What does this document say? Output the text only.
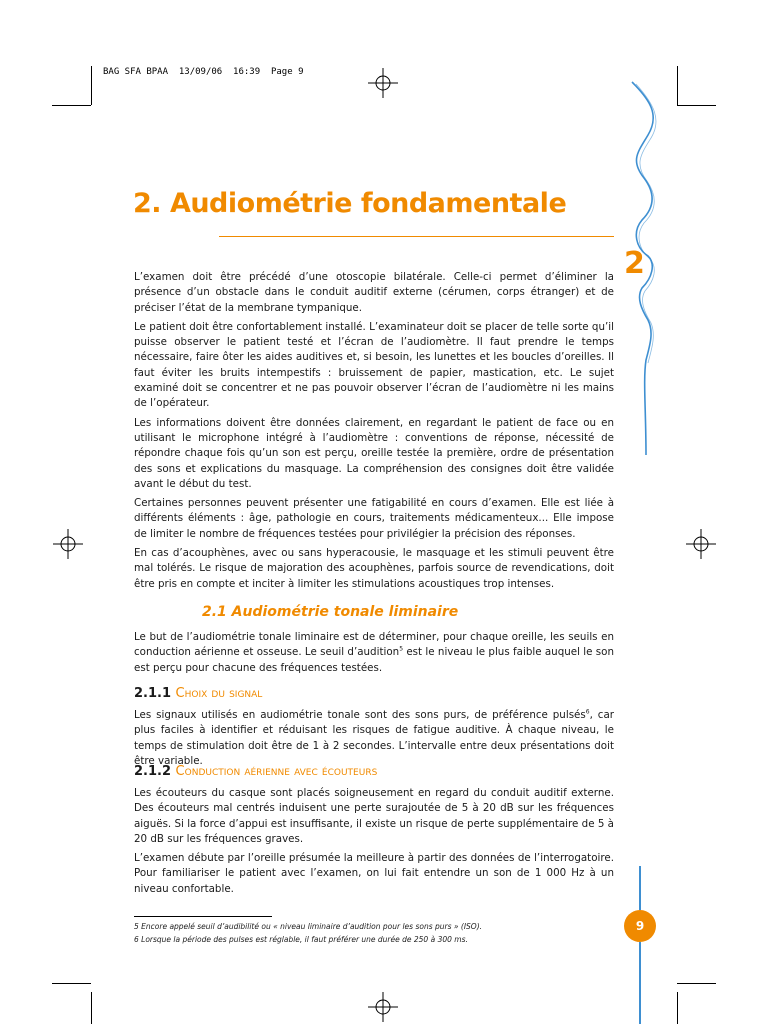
BAG SFA BPAA  13/09/06  16:39  Page 9
2
2. Audiométrie fondamentale

L’examen doit être précédé d’une otoscopie bilatérale. Celle-ci permet d’éliminer la présence d’un obstacle dans le conduit auditif externe (cérumen, corps étranger) et de préciser l’état de la membrane tympanique.

Le patient doit être confortablement installé. L’examinateur doit se placer de telle sorte qu’il puisse observer le patient testé et l’écran de l’audiomètre. Il faut prendre le temps nécessaire, faire ôter les aides auditives et, si besoin, les lunettes et les boucles d’oreilles. Il faut éviter les bruits intempestifs : bruissement de papier, mastication, etc. Le sujet examiné doit se concentrer et ne pas pouvoir observer l’écran de l’audiomètre ni les mains de l’opérateur.

Les informations doivent être données clairement, en regardant le patient de face ou en utilisant le microphone intégré à l’audiomètre : conventions de réponse, nécessité de répondre chaque fois qu’un son est perçu, oreille testée la première, ordre de présentation des sons et explications du masquage. La compréhension des consignes doit être validée avant le début du test.

Certaines personnes peuvent présenter une fatigabilité en cours d’examen. Elle est liée à différents éléments : âge, pathologie en cours, traitements médicamenteux... Elle impose de limiter le nombre de fréquences testées pour privilégier la précision des réponses.

En cas d’acouphènes, avec ou sans hyperacousie, le masquage et les stimuli peuvent être mal tolérés. Le risque de majoration des acouphènes, parfois source de revendications, doit être pris en compte et inciter à limiter les stimulations acoustiques trop intenses.

2.1 Audiométrie tonale liminaire

Le but de l’audiométrie tonale liminaire est de déterminer, pour chaque oreille, les seuils en conduction aérienne et osseuse. Le seuil d’audition$^5$ est le niveau le plus faible auquel le son est perçu pour chacune des fréquences testées.

2.1.1 Choix du signal

Les signaux utilisés en audiométrie tonale sont des sons purs, de préférence pulsés$^6$, car plus faciles à identifier et réduisant les risques de fatigue auditive. À chaque niveau, le temps de stimulation doit être de 1 à 2 secondes. L’intervalle entre deux présentations doit être variable.

2.1.2 Conduction aérienne avec écouteurs

Les écouteurs du casque sont placés soigneusement en regard du conduit auditif externe. Des écouteurs mal centrés induisent une perte surajoutée de 5 à 20 dB sur les fréquences aiguës. Si la force d’appui est insuffisante, il existe un risque de perte supplémentaire de 5 à 20 dB sur les fréquences graves.

L’examen débute par l’oreille présumée la meilleure à partir des données de l’interrogatoire. Pour familiariser le patient avec l’examen, on lui fait entendre un son de 1 000 Hz à un niveau confortable.

5 Encore appelé seuil d’audibilité ou « niveau liminaire d’audition pour les sons purs » (ISO).
6 Lorsque la période des pulses est réglable, il faut préférer une durée de 250 à 300 ms.
9
